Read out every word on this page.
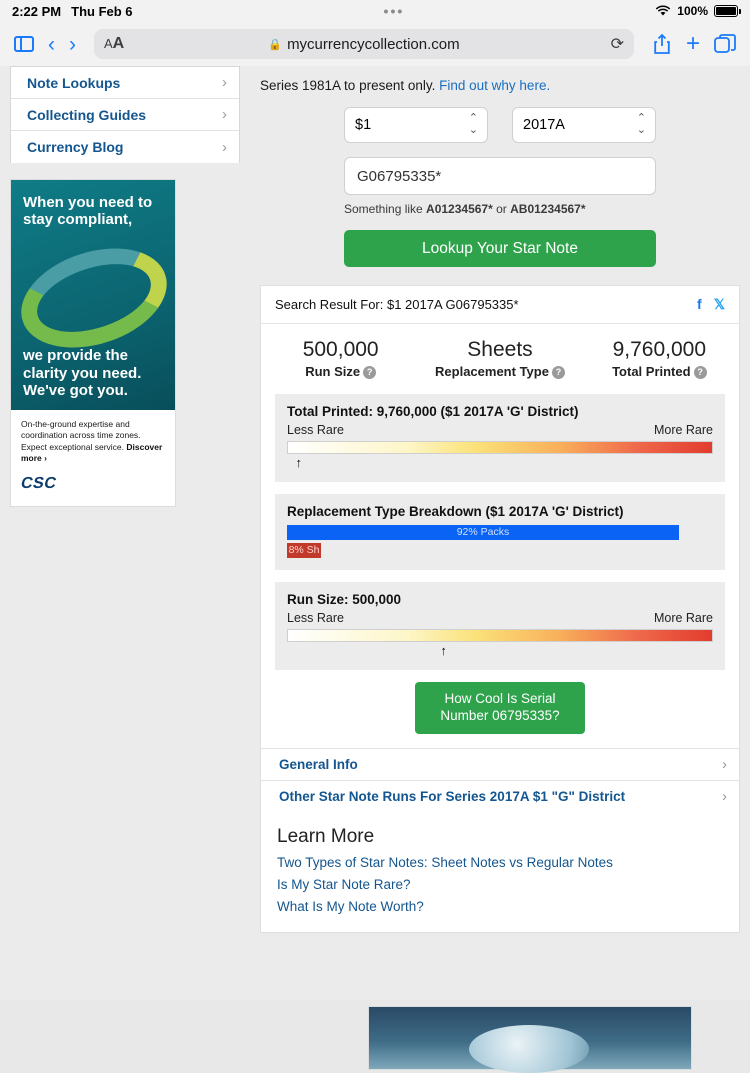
2:22 PM Thu Feb 6	•••	100%
‹ › AA	🔒 mycurrencycollection.com	⟳	+
Note Lookups	›
Collecting Guides	›
Currency Blog	›
When you need to stay compliant,
we provide the clarity you need. We've got you.
On-the-ground expertise and coordination across time zones. Expect exceptional service. Discover more ›
CSC
Series 1981A to present only. Find out why here.
$1	⌃
⌄	2017A	⌃
⌄
G06795335*
Something like A01234567* or AB01234567*
Lookup Your Star Note
Search Result For: $1 2017A G06795335*	f 𝕏
500,000
Run Size ?
Sheets
Replacement Type ?
9,760,000
Total Printed ?
Total Printed: 9,760,000 ($1 2017A 'G' District)
Less Rare	More Rare
↑
Replacement Type Breakdown ($1 2017A 'G' District)
92% Packs
8% Sh
Run Size: 500,000
Less Rare	More Rare
↑
How Cool Is Serial Number 06795335?
General Info	›
Other Star Note Runs For Series 2017A $1 "G" District	›
Learn More
Two Types of Star Notes: Sheet Notes vs Regular Notes
Is My Star Note Rare?
What Is My Note Worth?
